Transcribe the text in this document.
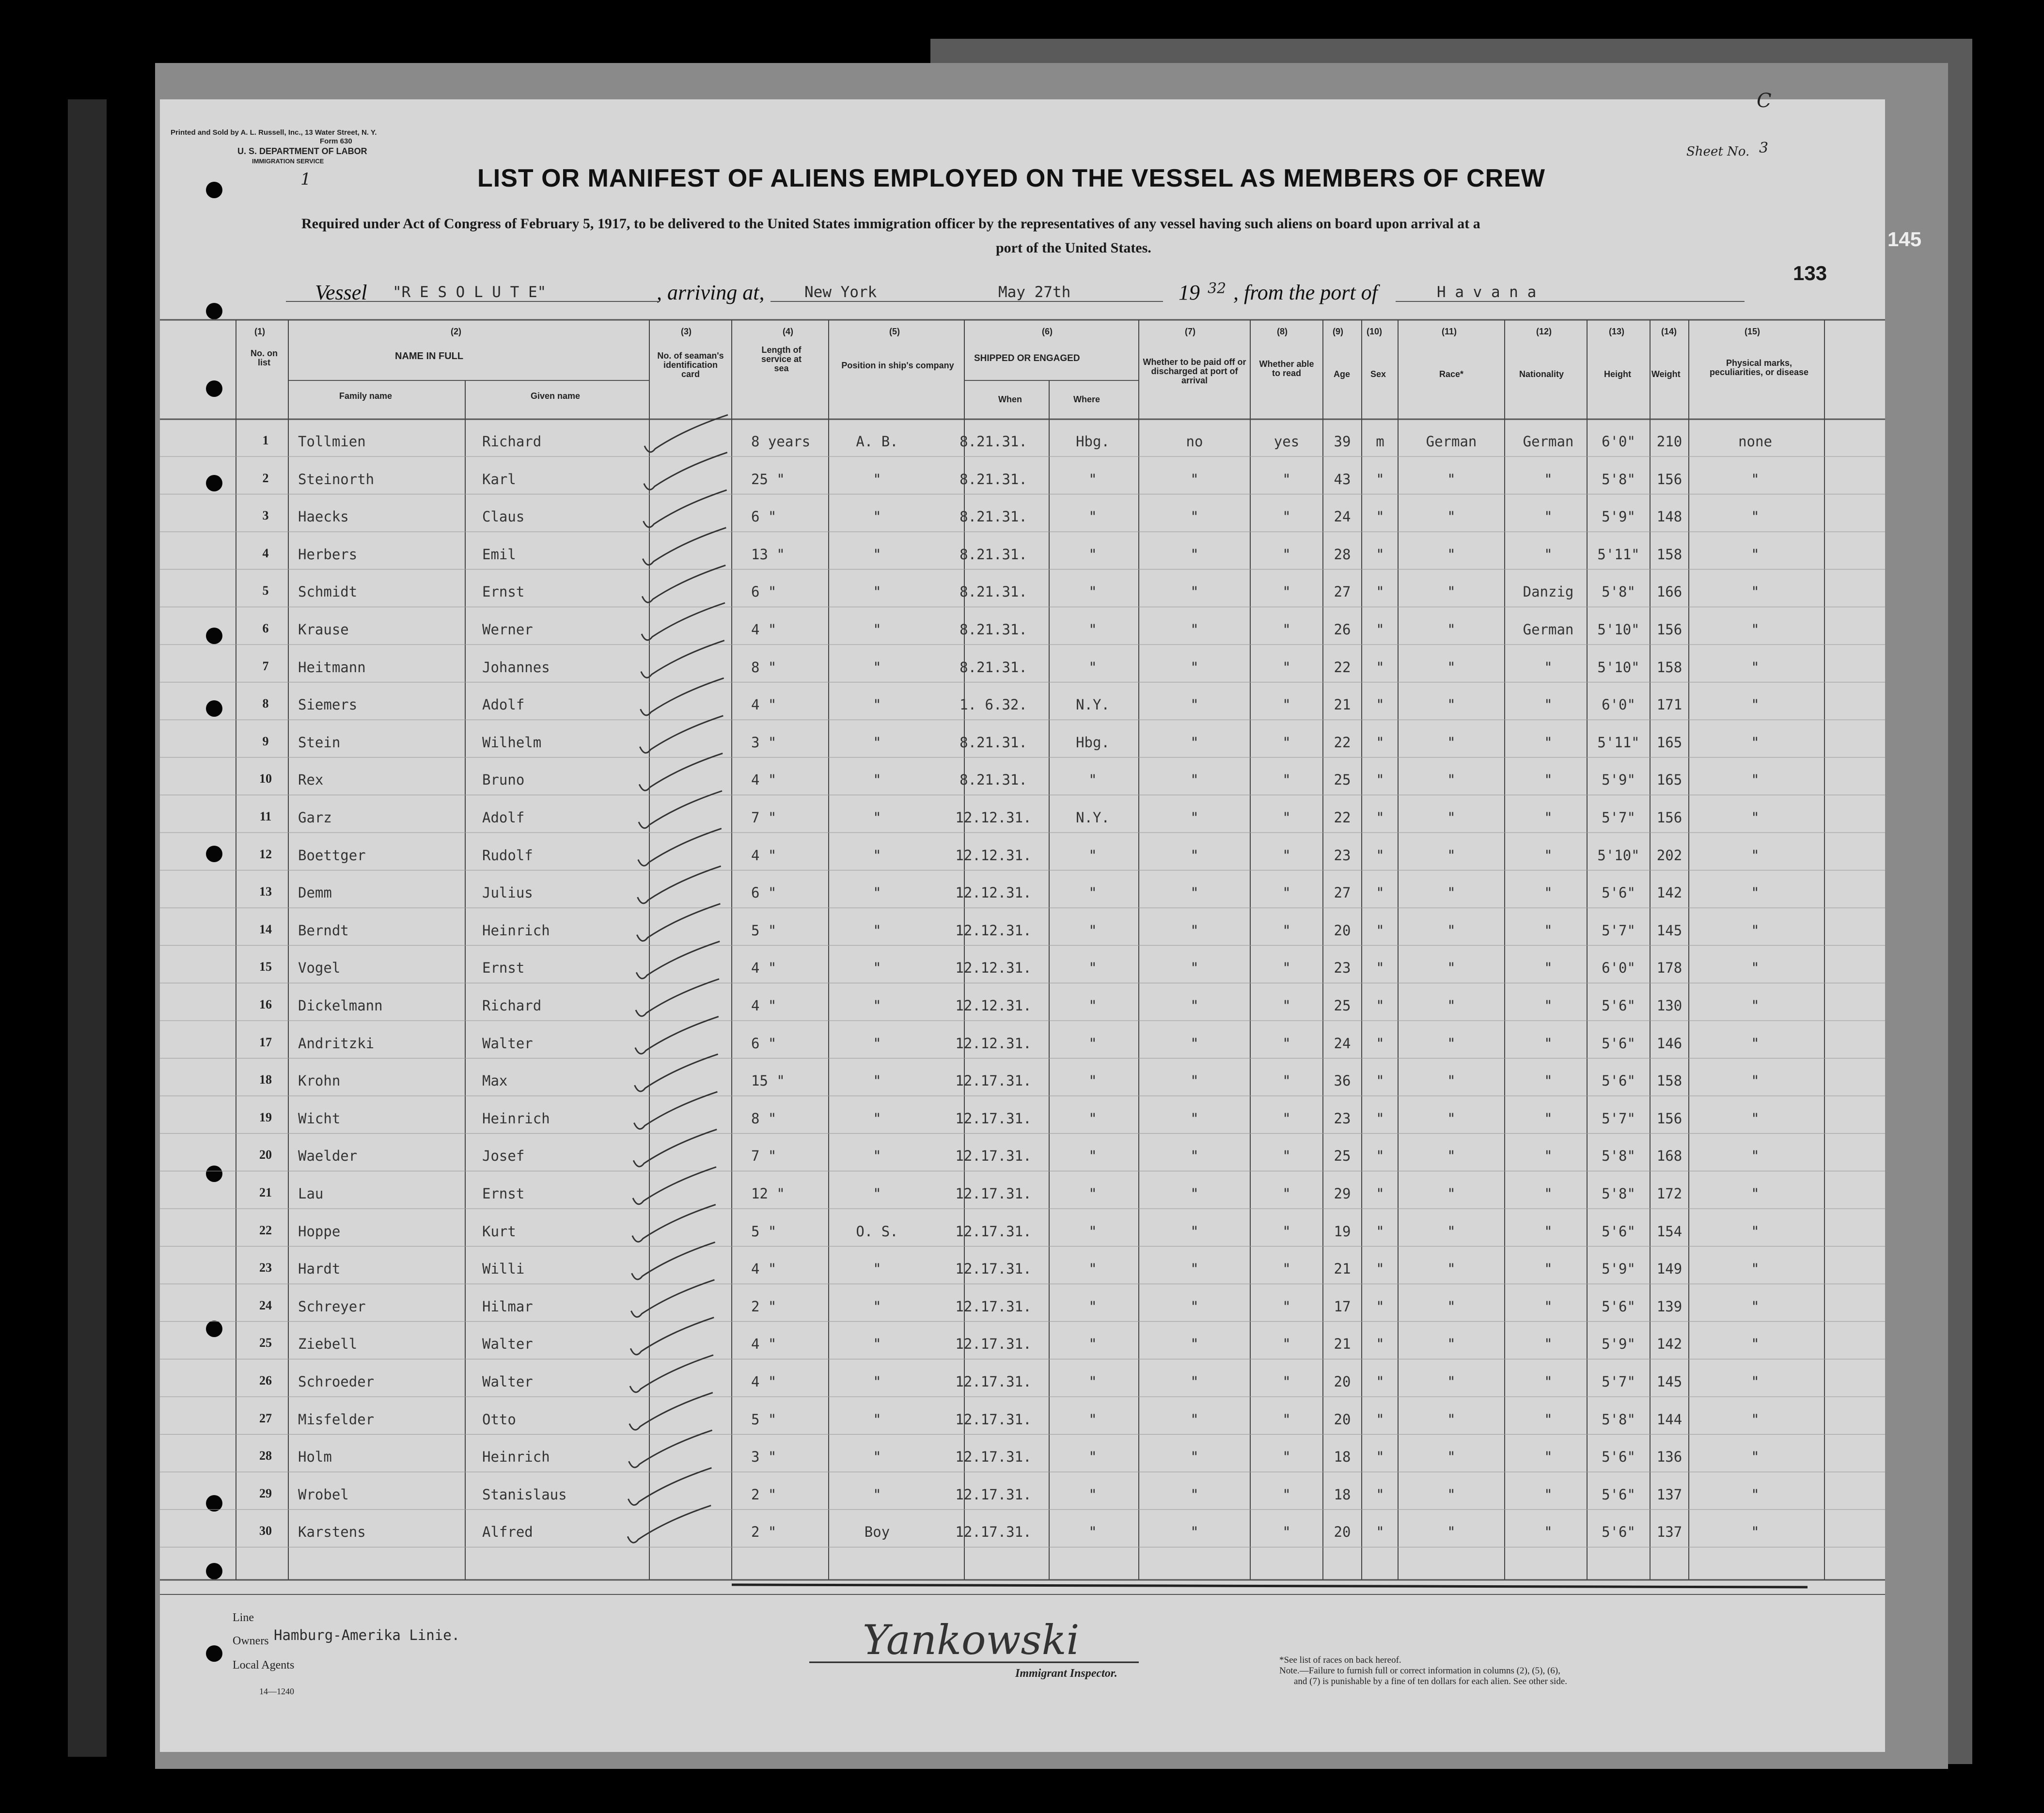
Printed and Sold by A. L. Russell, Inc., 13 Water Street, N. Y.
Form 630
U. S. DEPARTMENT OF LABOR
IMMIGRATION SERVICE
1	LIST OR MANIFEST OF ALIENS EMPLOYED ON THE VESSEL AS MEMBERS OF CREW
Sheet No.
C
3
Required under Act of Congress of February 5, 1917, to be delivered to the United States immigration officer by the representatives of any vessel having such aliens on board upon arrival at a
port of the United States.	145
133
Vessel "R E S O L U T E"	, arriving at,	New York	May 27th	19 32 , from the port of	H a v a n a
(1)
No. on list
(2)
NAME IN FULL
Family name	Given name
(3)
No. of seaman's identification card
(4)
Length of service at sea
(5)
Position in ship's company
(6)
SHIPPED OR ENGAGED
When	Where
(7)
Whether to be paid off or discharged at port of arrival
(8)
Whether able to read
(9)
Age
(10)
Sex
(11)
Race*
(12)
Nationality
(13)
Height
(14)
Weight
(15)
Physical marks, peculiarities, or disease
1 Tollmien	Richard	8 years	A. B.	8.21.31.	Hbg.	no	yes 39 m	German	German 6'0" 210	none
2 Steinorth	Karl	25 "	"	8.21.31.	"	"	"	43 "	"	"	5'8" 156	"
3 Haecks	Claus	6 "	"	8.21.31.	"	"	"	24 "	"	"	5'9" 148	"
4 Herbers	Emil	13 "	"	8.21.31.	"	"	"	28 "	"	"	5'11" 158	"
5 Schmidt	Ernst	6 "	"	8.21.31.	"	"	"	27 "	"	Danzig 5'8" 166	"
6 Krause	Werner	4 "	"	8.21.31.	"	"	"	26 "	"	German 5'10" 156	"
7 Heitmann	Johannes	8 "	"	8.21.31.	"	"	"	22 "	"	"	5'10" 158	"
8 Siemers	Adolf	4 "	"	1. 6.32.	N.Y.	"	"	21 "	"	"	6'0" 171	"
9 Stein	Wilhelm	3 "	"	8.21.31.	Hbg.	"	"	22 "	"	"	5'11" 165	"
10 Rex	Bruno	4 "	"	8.21.31.	"	"	"	25 "	"	"	5'9" 165	"
11 Garz	Adolf	7 "	"	12.12.31.	N.Y.	"	"	22 "	"	"	5'7" 156	"
12 Boettger	Rudolf	4 "	"	12.12.31.	"	"	"	23 "	"	"	5'10" 202	"
13 Demm	Julius	6 "	"	12.12.31.	"	"	"	27 "	"	"	5'6" 142	"
14 Berndt	Heinrich	5 "	"	12.12.31.	"	"	"	20 "	"	"	5'7" 145	"
15 Vogel	Ernst	4 "	"	12.12.31.	"	"	"	23 "	"	"	6'0" 178	"
16 Dickelmann	Richard	4 "	"	12.12.31.	"	"	"	25 "	"	"	5'6" 130	"
17 Andritzki	Walter	6 "	"	12.12.31.	"	"	"	24 "	"	"	5'6" 146	"
18 Krohn	Max	15 "	"	12.17.31.	"	"	"	36 "	"	"	5'6" 158	"
19 Wicht	Heinrich	8 "	"	12.17.31.	"	"	"	23 "	"	"	5'7" 156	"
20 Waelder	Josef	7 "	"	12.17.31.	"	"	"	25 "	"	"	5'8" 168	"
21 Lau	Ernst	12 "	"	12.17.31.	"	"	"	29 "	"	"	5'8" 172	"
22 Hoppe	Kurt	5 "	O. S.	12.17.31.	"	"	"	19 "	"	"	5'6" 154	"
23 Hardt	Willi	4 "	"	12.17.31.	"	"	"	21 "	"	"	5'9" 149	"
24 Schreyer	Hilmar	2 "	"	12.17.31.	"	"	"	17 "	"	"	5'6" 139	"
25 Ziebell	Walter	4 "	"	12.17.31.	"	"	"	21 "	"	"	5'9" 142	"
26 Schroeder	Walter	4 "	"	12.17.31.	"	"	"	20 "	"	"	5'7" 145	"
27 Misfelder	Otto	5 "	"	12.17.31.	"	"	"	20 "	"	"	5'8" 144	"
28 Holm	Heinrich	3 "	"	12.17.31.	"	"	"	18 "	"	"	5'6" 136	"
29 Wrobel	Stanislaus	2 "	"	12.17.31.	"	"	"	18 "	"	"	5'6" 137	"
30 Karstens	Alfred	2 "	Boy	12.17.31.	"	"	"	20 "	"	"	5'6" 137	"
Line
Owners Hamburg-Amerika Linie.
Local Agents
14—1240
Yankowski
Immigrant Inspector.
*See list of races on back hereof.
Note.—Failure to furnish full or correct information in columns (2), (5), (6),
and (7) is punishable by a fine of ten dollars for each alien. See other side.
